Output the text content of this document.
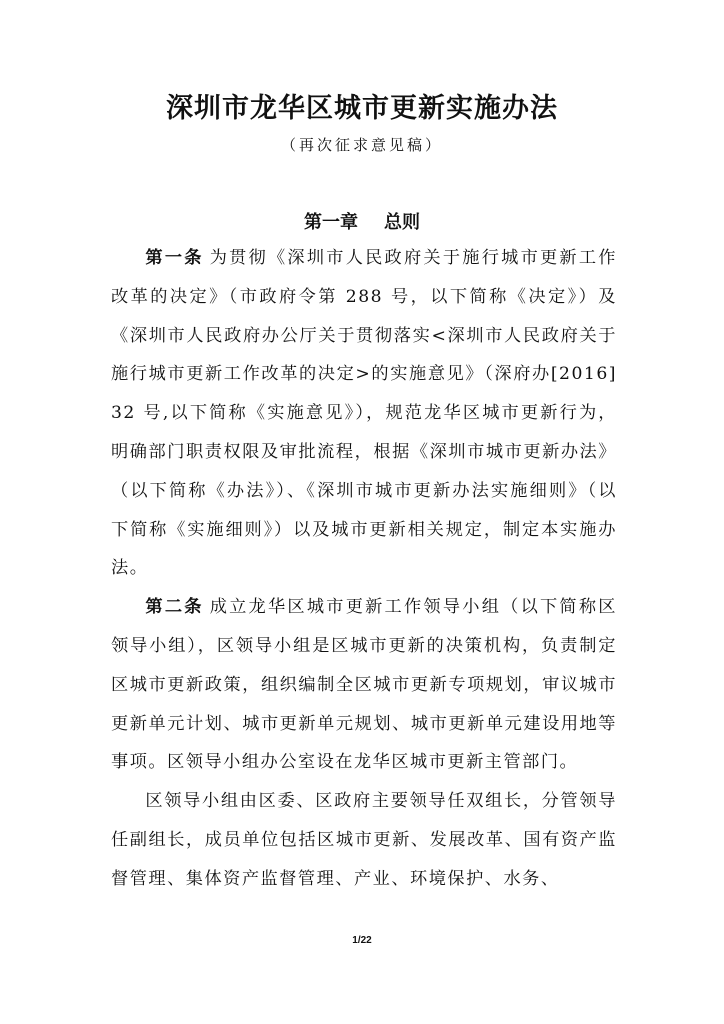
深圳市龙华区城市更新实施办法
（再次征求意见稿）
第一章 总则

第一条 为贯彻《深圳市人民政府关于施行城市更新工作改革的决定》（市政府令第 288 号，以下简称《决定》）及《深圳市人民政府办公厅关于贯彻落实<深圳市人民政府关于施行城市更新工作改革的决定>的实施意见》（深府办[2016] 32 号,以下简称《实施意见》），规范龙华区城市更新行为，明确部门职责权限及审批流程，根据《深圳市城市更新办法》（以下简称《办法》）、《深圳市城市更新办法实施细则》（以下简称《实施细则》）以及城市更新相关规定，制定本实施办法。

第二条 成立龙华区城市更新工作领导小组（以下简称区领导小组），区领导小组是区城市更新的决策机构，负责制定区城市更新政策，组织编制全区城市更新专项规划，审议城市更新单元计划、城市更新单元规划、城市更新单元建设用地等事项。区领导小组办公室设在龙华区城市更新主管部门。

区领导小组由区委、区政府主要领导任双组长，分管领导任副组长，成员单位包括区城市更新、发展改革、国有资产监督管理、集体资产监督管理、产业、环境保护、水务、

1/22
